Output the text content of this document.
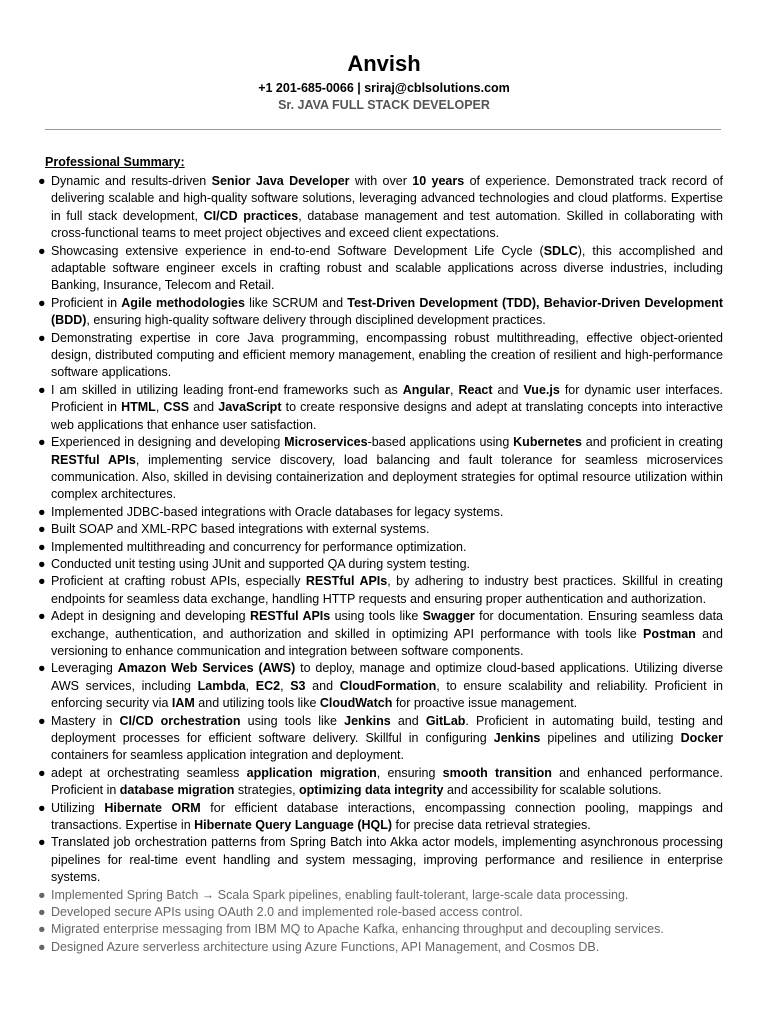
Anvish
+1 201-685-0066 | sriraj@cblsolutions.com
Sr. JAVA FULL STACK DEVELOPER
Professional Summary:
● Dynamic and results-driven Senior Java Developer with over 10 years of experience. Demonstrated track record of delivering scalable and high-quality software solutions, leveraging advanced technologies and cloud platforms. Expertise in full stack development, CI/CD practices, database management and test automation. Skilled in collaborating with cross-functional teams to meet project objectives and exceed client expectations.
● Showcasing extensive experience in end-to-end Software Development Life Cycle (SDLC), this accomplished and adaptable software engineer excels in crafting robust and scalable applications across diverse industries, including Banking, Insurance, Telecom and Retail.
● Proficient in Agile methodologies like SCRUM and Test-Driven Development (TDD), Behavior-Driven Development (BDD), ensuring high-quality software delivery through disciplined development practices.
● Demonstrating expertise in core Java programming, encompassing robust multithreading, effective object-oriented design, distributed computing and efficient memory management, enabling the creation of resilient and high-performance software applications.
● I am skilled in utilizing leading front-end frameworks such as Angular, React and Vue.js for dynamic user interfaces. Proficient in HTML, CSS and JavaScript to create responsive designs and adept at translating concepts into interactive web applications that enhance user satisfaction.
● Experienced in designing and developing Microservices-based applications using Kubernetes and proficient in creating RESTful APIs, implementing service discovery, load balancing and fault tolerance for seamless microservices communication. Also, skilled in devising containerization and deployment strategies for optimal resource utilization within complex architectures.
● Implemented JDBC-based integrations with Oracle databases for legacy systems.
● Built SOAP and XML-RPC based integrations with external systems.
● Implemented multithreading and concurrency for performance optimization.
● Conducted unit testing using JUnit and supported QA during system testing.
● Proficient at crafting robust APIs, especially RESTful APIs, by adhering to industry best practices. Skillful in creating endpoints for seamless data exchange, handling HTTP requests and ensuring proper authentication and authorization.
● Adept in designing and developing RESTful APIs using tools like Swagger for documentation. Ensuring seamless data exchange, authentication, and authorization and skilled in optimizing API performance with tools like Postman and versioning to enhance communication and integration between software components.
● Leveraging Amazon Web Services (AWS) to deploy, manage and optimize cloud-based applications. Utilizing diverse AWS services, including Lambda, EC2, S3 and CloudFormation, to ensure scalability and reliability. Proficient in enforcing security via IAM and utilizing tools like CloudWatch for proactive issue management.
● Mastery in CI/CD orchestration using tools like Jenkins and GitLab. Proficient in automating build, testing and deployment processes for efficient software delivery. Skillful in configuring Jenkins pipelines and utilizing Docker containers for seamless application integration and deployment.
● adept at orchestrating seamless application migration, ensuring smooth transition and enhanced performance. Proficient in database migration strategies, optimizing data integrity and accessibility for scalable solutions.
● Utilizing Hibernate ORM for efficient database interactions, encompassing connection pooling, mappings and transactions. Expertise in Hibernate Query Language (HQL) for precise data retrieval strategies.
● Translated job orchestration patterns from Spring Batch into Akka actor models, implementing asynchronous processing pipelines for real-time event handling and system messaging, improving performance and resilience in enterprise systems.
● Implemented Spring Batch → Scala Spark pipelines, enabling fault-tolerant, large-scale data processing.
● Developed secure APIs using OAuth 2.0 and implemented role-based access control.
● Migrated enterprise messaging from IBM MQ to Apache Kafka, enhancing throughput and decoupling services.
● Designed Azure serverless architecture using Azure Functions, API Management, and Cosmos DB.
